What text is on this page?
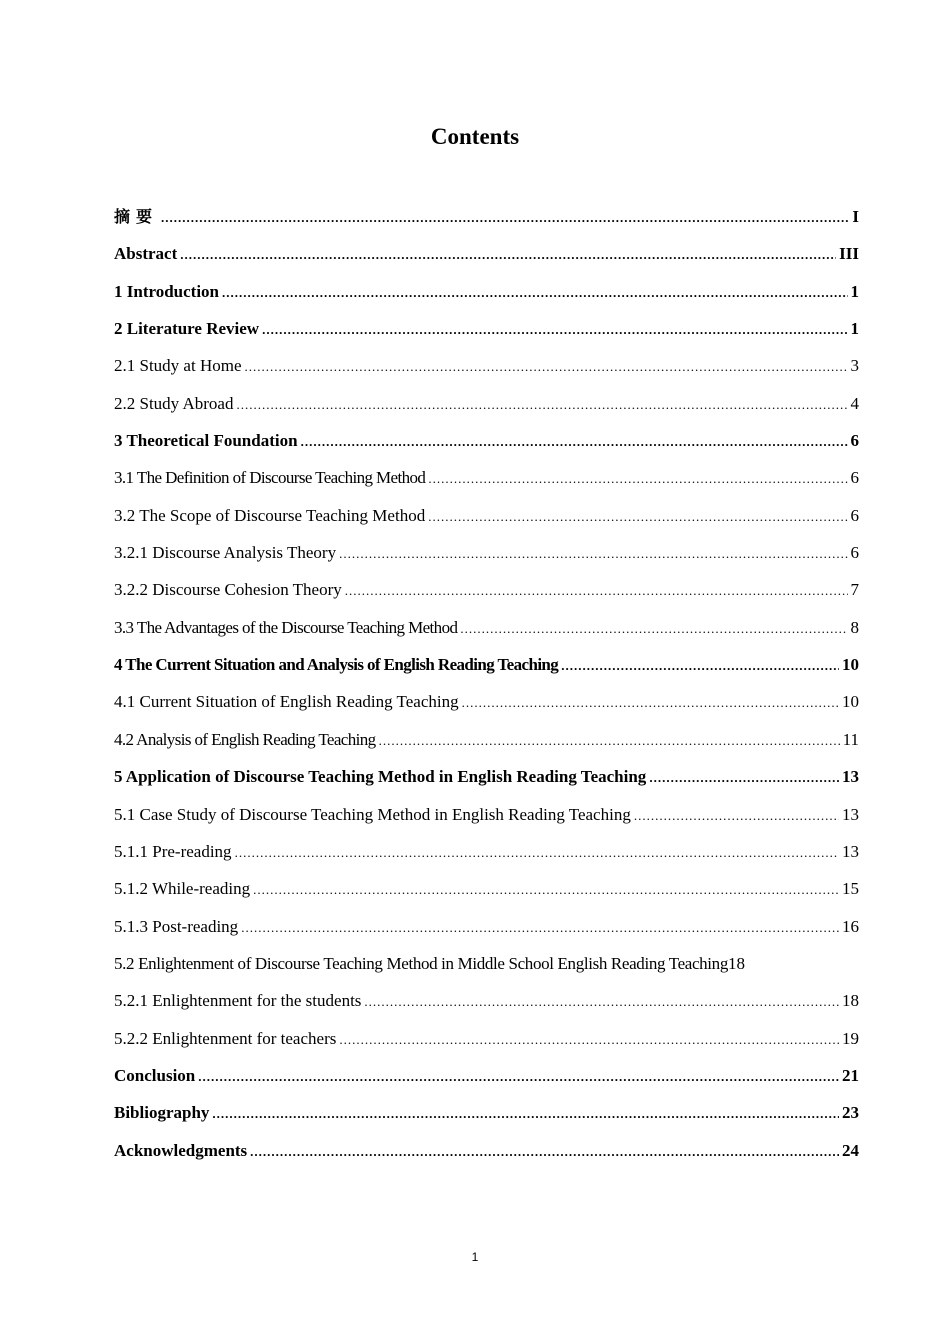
Contents
摘要 .....	I
Abstract .....	III
1 Introduction .....	1
2 Literature Review .....	1
2.1 Study at Home .....	3
2.2 Study Abroad .....	4
3 Theoretical Foundation .....	6
3.1 The Definition of Discourse Teaching Method .....	6
3.2 The Scope of Discourse Teaching Method .....	6
3.2.1 Discourse Analysis Theory .....	6
3.2.2 Discourse Cohesion Theory .....	7
3.3 The Advantages of the Discourse Teaching Method .....	8
4 The Current Situation and Analysis of English Reading Teaching .....	10
4.1 Current Situation of English Reading Teaching .....	10
4.2 Analysis of English Reading Teaching .....	11
5 Application of Discourse Teaching Method in English Reading Teaching .....	13
5.1 Case Study of Discourse Teaching Method in English Reading Teaching .....	13
5.1.1 Pre-reading .....	13
5.1.2 While-reading .....	15
5.1.3 Post-reading .....	16
5.2 Enlightenment of Discourse Teaching Method in Middle School English Reading Teaching 18
5.2.1 Enlightenment for the students .....	18
5.2.2 Enlightenment for teachers .....	19
Conclusion .....	21
Bibliography .....	23
Acknowledgments .....	24
1
